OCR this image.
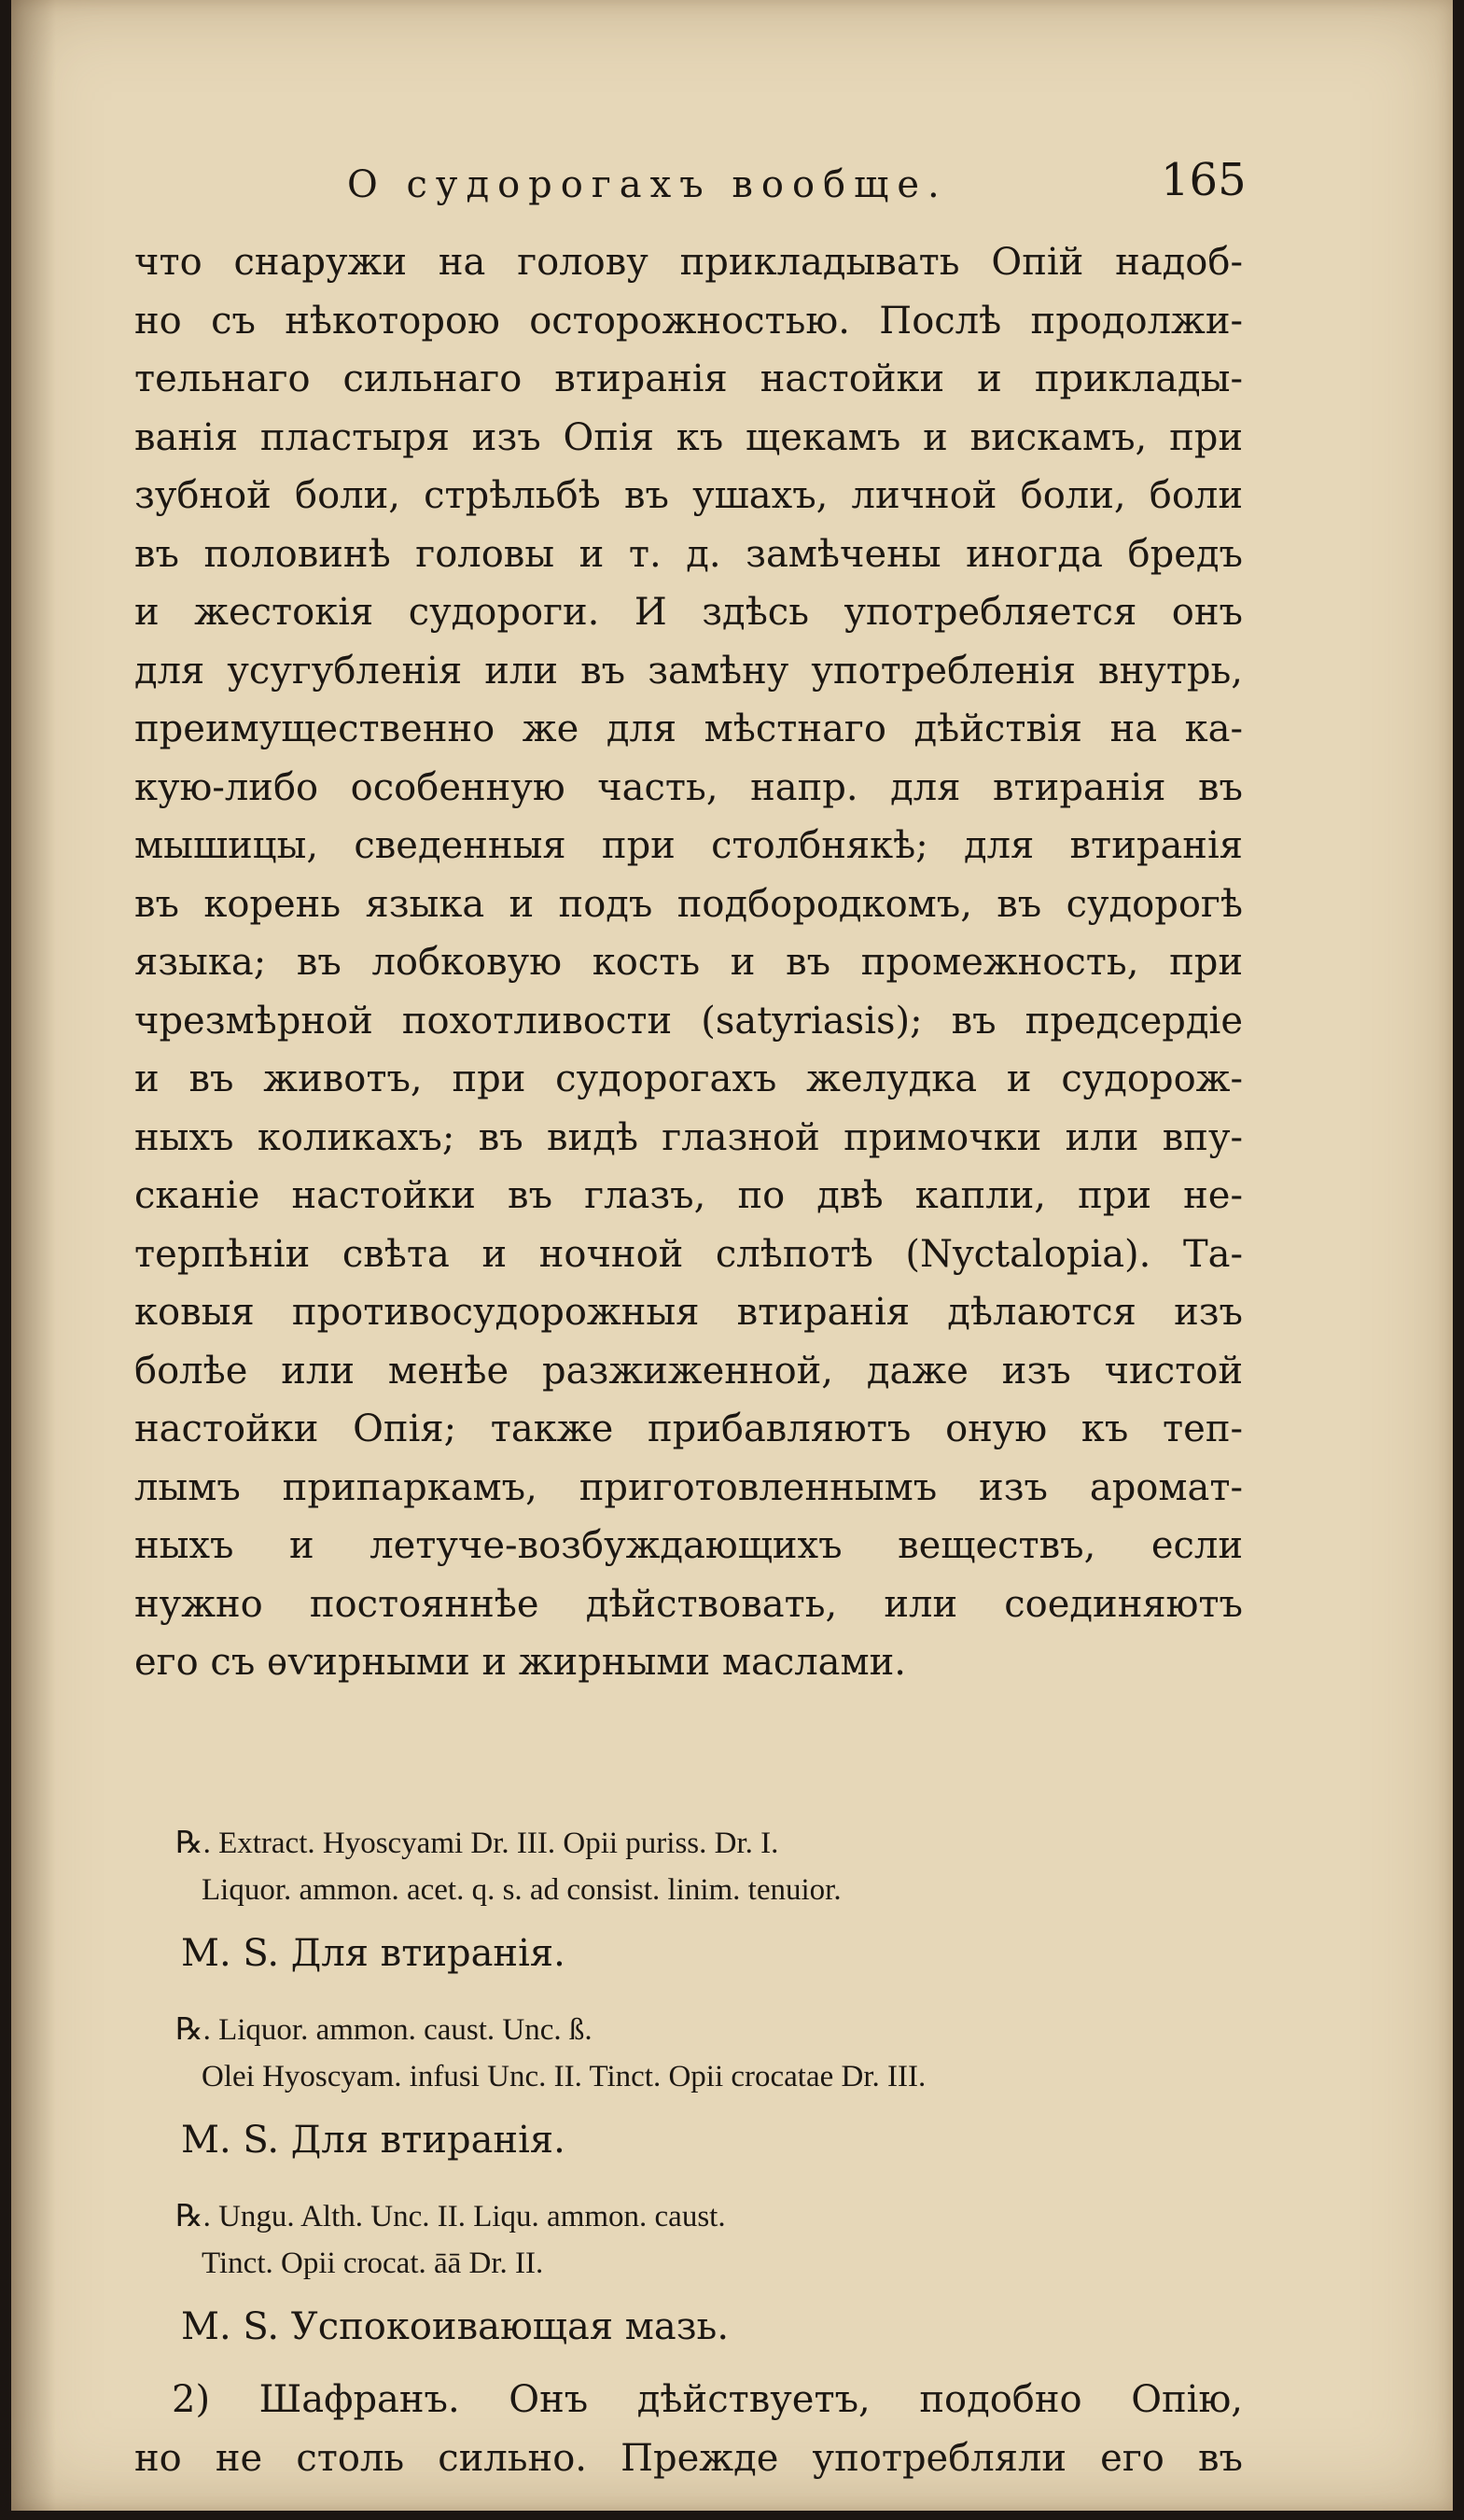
О судорогахъ вообще.	165
что снаружи на голову прикладывать Опій надоб-
но съ нѣкоторою осторожностью. Послѣ продолжи-
тельнаго сильнаго втиранія настойки и приклады-
ванія пластыря изъ Опія къ щекамъ и вискамъ, при
зубной боли, стрѣльбѣ въ ушахъ, личной боли, боли
въ половинѣ головы и т. д. замѣчены иногда бредъ
и жестокія судороги. И здѣсь употребляется онъ
для усугубленія или въ замѣну употребленія внутрь,
преимущественно же для мѣстнаго дѣйствія на ка-
кую-либо особенную часть, напр. для втиранія въ
мышицы, сведенныя при столбнякѣ; для втиранія
въ корень языка и подъ подбородкомъ, въ судорогѣ
языка; въ лобковую кость и въ промежность, при
чрезмѣрной похотливости (satyriasis); въ предсердіе
и въ животъ, при судорогахъ желудка и судорож-
ныхъ коликахъ; въ видѣ глазной примочки или впу-
сканіе настойки въ глазъ, по двѣ капли, при не-
терпѣніи свѣта и ночной слѣпотѣ (Nyctalopia). Та-
ковыя противосудорожныя втиранія дѣлаются изъ
болѣе или менѣе разжиженной, даже изъ чистой
настойки Опія; также прибавляютъ оную къ теп-
лымъ припаркамъ, приготовленнымъ изъ аромат-
ныхъ и летуче-возбуждающихъ веществъ, если
нужно постояннѣе дѣйствовать, или соединяютъ
его съ ѳѵирными и жирными маслами.
℞. Extract. Hyoscyami Dr. III. Opii puriss. Dr. I.
Liquor. ammon. acet. q. s. ad consist. linim. tenuior.
M. S. Для втиранія.
℞. Liquor. ammon. caust. Unc. ß.
Olei Hyoscyam. infusi Unc. II. Tinct. Opii crocatae Dr. III.
M. S. Для втиранія.
℞. Ungu. Alth. Unc. II. Liqu. ammon. caust.
Tinct. Opii crocat. āā Dr. II.
M. S. Успокоивающая мазь.
2) Шафранъ. Онъ дѣйствуетъ, подобно Опію,
но не столь сильно. Прежде употребляли его въ
